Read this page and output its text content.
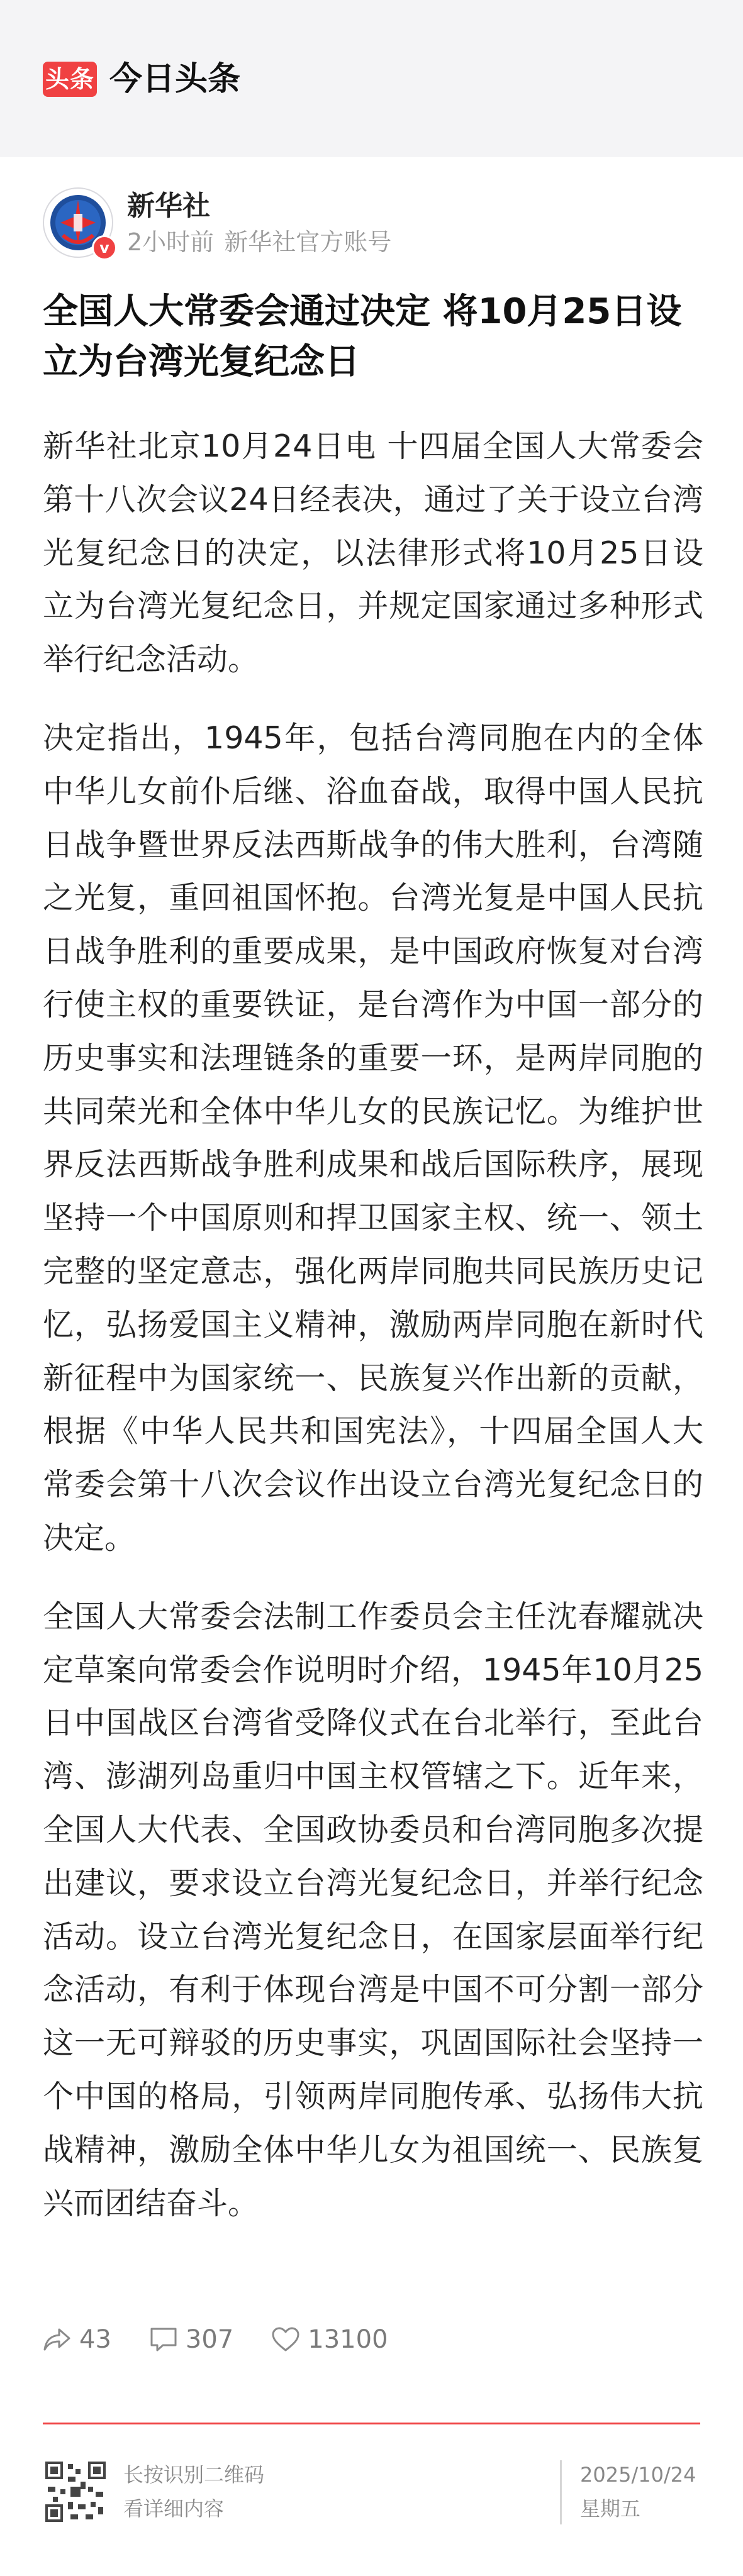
头条 今日头条
v
新华社
2小时前 新华社官方账号
全国人大常委会通过决定 将10月25日设立为台湾光复纪念日

新华社北京10月24日电 十四届全国人大常委会第十八次会议24日经表决，通过了关于设立台湾光复纪念日的决定，以法律形式将10月25日设立为台湾光复纪念日，并规定国家通过多种形式举行纪念活动。

决定指出，1945年，包括台湾同胞在内的全体中华儿女前仆后继、浴血奋战，取得中国人民抗日战争暨世界反法西斯战争的伟大胜利，台湾随之光复，重回祖国怀抱。台湾光复是中国人民抗日战争胜利的重要成果，是中国政府恢复对台湾行使主权的重要铁证，是台湾作为中国一部分的历史事实和法理链条的重要一环，是两岸同胞的共同荣光和全体中华儿女的民族记忆。为维护世界反法西斯战争胜利成果和战后国际秩序，展现坚持一个中国原则和捍卫国家主权、统一、领土完整的坚定意志，强化两岸同胞共同民族历史记忆，弘扬爱国主义精神，激励两岸同胞在新时代新征程中为国家统一、民族复兴作出新的贡献，根据《中华人民共和国宪法》，十四届全国人大常委会第十八次会议作出设立台湾光复纪念日的决定。

全国人大常委会法制工作委员会主任沈春耀就决定草案向常委会作说明时介绍，1945年10月25日中国战区台湾省受降仪式在台北举行，至此台湾、澎湖列岛重归中国主权管辖之下。近年来，全国人大代表、全国政协委员和台湾同胞多次提出建议，要求设立台湾光复纪念日，并举行纪念活动。设立台湾光复纪念日，在国家层面举行纪念活动，有利于体现台湾是中国不可分割一部分这一无可辩驳的历史事实，巩固国际社会坚持一个中国的格局，引领两岸同胞传承、弘扬伟大抗战精神，激励全体中华儿女为祖国统一、民族复兴而团结奋斗。

43	307	13100
长按识别二维码
看详细内容
2025/10/24
星期五
